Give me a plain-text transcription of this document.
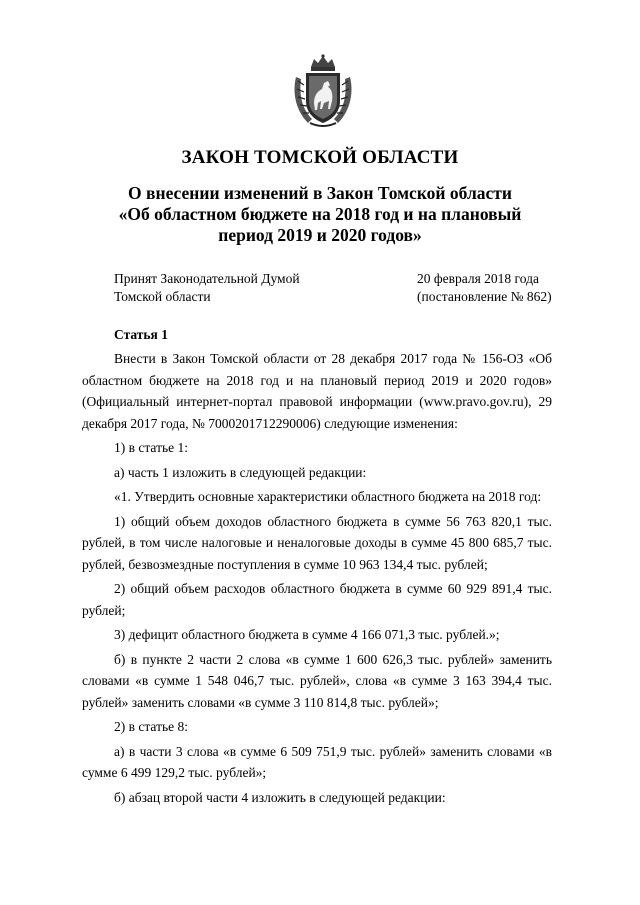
ЗАКОН ТОМСКОЙ ОБЛАСТИ
О внесении изменений в Закон Томской области
«Об областном бюджете на 2018 год и на плановый
период 2019 и 2020 годов»
Принят Законодательной Думой
Томской области
20 февраля 2018 года
(постановление № 862)
Статья 1

Внести в Закон Томской области от 28 декабря 2017 года № 156-ОЗ «Об областном бюджете на 2018 год и на плановый период 2019 и 2020 годов» (Официальный интернет-портал правовой информации (www.pravo.gov.ru), 29 декабря 2017 года, № 7000201712290006) следующие изменения:

1) в статье 1:

а) часть 1 изложить в следующей редакции:

«1. Утвердить основные характеристики областного бюджета на 2018 год:

1) общий объем доходов областного бюджета в сумме 56 763 820,1 тыс. рублей, в том числе налоговые и неналоговые доходы в сумме 45 800 685,7 тыс. рублей, безвозмездные поступления в сумме 10 963 134,4 тыс. рублей;

2) общий объем расходов областного бюджета в сумме 60 929 891,4 тыс. рублей;

3) дефицит областного бюджета в сумме 4 166 071,3 тыс. рублей.»;

б) в пункте 2 части 2 слова «в сумме 1 600 626,3 тыс. рублей» заменить словами «в сумме 1 548 046,7 тыс. рублей», слова «в сумме 3 163 394,4 тыс. рублей» заменить словами «в сумме 3 110 814,8 тыс. рублей»;

2) в статье 8:

а) в части 3 слова «в сумме 6 509 751,9 тыс. рублей» заменить словами «в сумме 6 499 129,2 тыс. рублей»;

б) абзац второй части 4 изложить в следующей редакции:
